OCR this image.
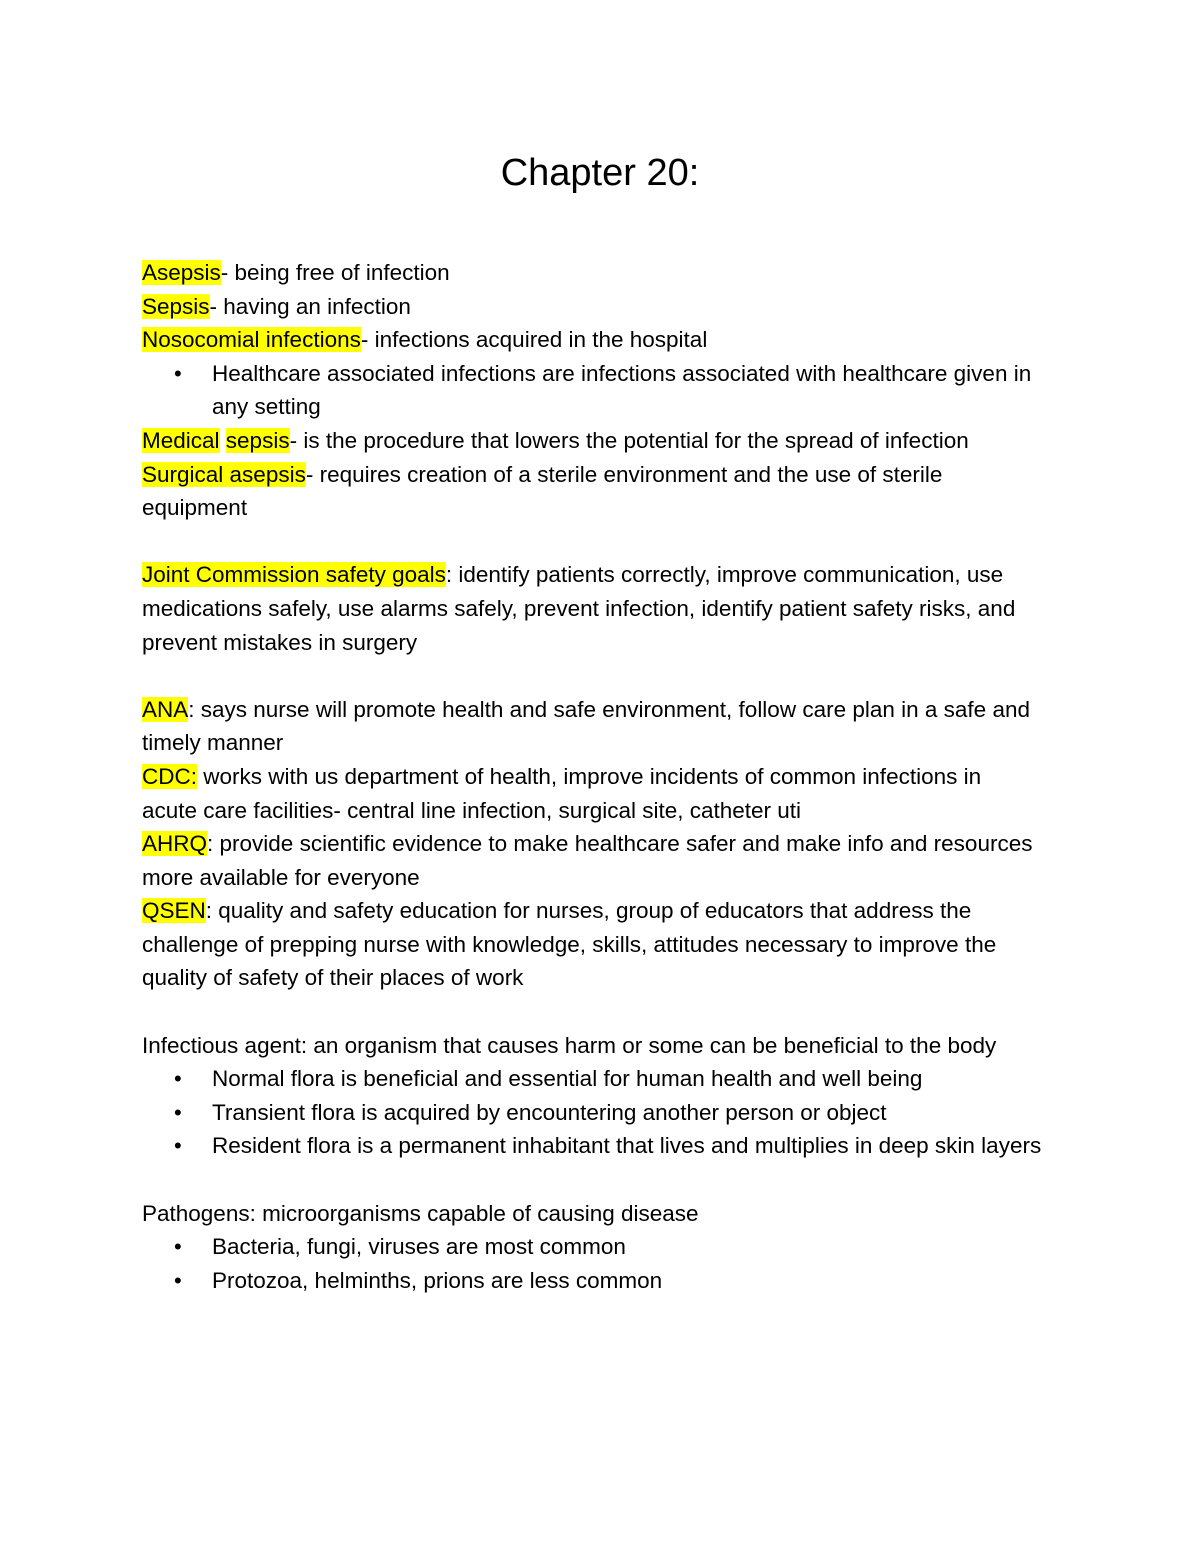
Chapter 20:

Asepsis- being free of infection

Sepsis- having an infection

Nosocomial infections- infections acquired in the hospital

• Healthcare associated infections are infections associated with healthcare given in any setting

Medical sepsis- is the procedure that lowers the potential for the spread of infection

Surgical asepsis- requires creation of a sterile environment and the use of sterile equipment

Joint Commission safety goals: identify patients correctly, improve communication, use medications safely, use alarms safely, prevent infection, identify patient safety risks, and prevent mistakes in surgery

ANA: says nurse will promote health and safe environment, follow care plan in a safe and timely manner

CDC: works with us department of health, improve incidents of common infections in acute care facilities- central line infection, surgical site, catheter uti

AHRQ: provide scientific evidence to make healthcare safer and make info and resources more available for everyone

QSEN: quality and safety education for nurses, group of educators that address the challenge of prepping nurse with knowledge, skills, attitudes necessary to improve the quality of safety of their places of work

Infectious agent: an organism that causes harm or some can be beneficial to the body

• Normal flora is beneficial and essential for human health and well being
• Transient flora is acquired by encountering another person or object
• Resident flora is a permanent inhabitant that lives and multiplies in deep skin layers

Pathogens: microorganisms capable of causing disease

• Bacteria, fungi, viruses are most common
• Protozoa, helminths, prions are less common
